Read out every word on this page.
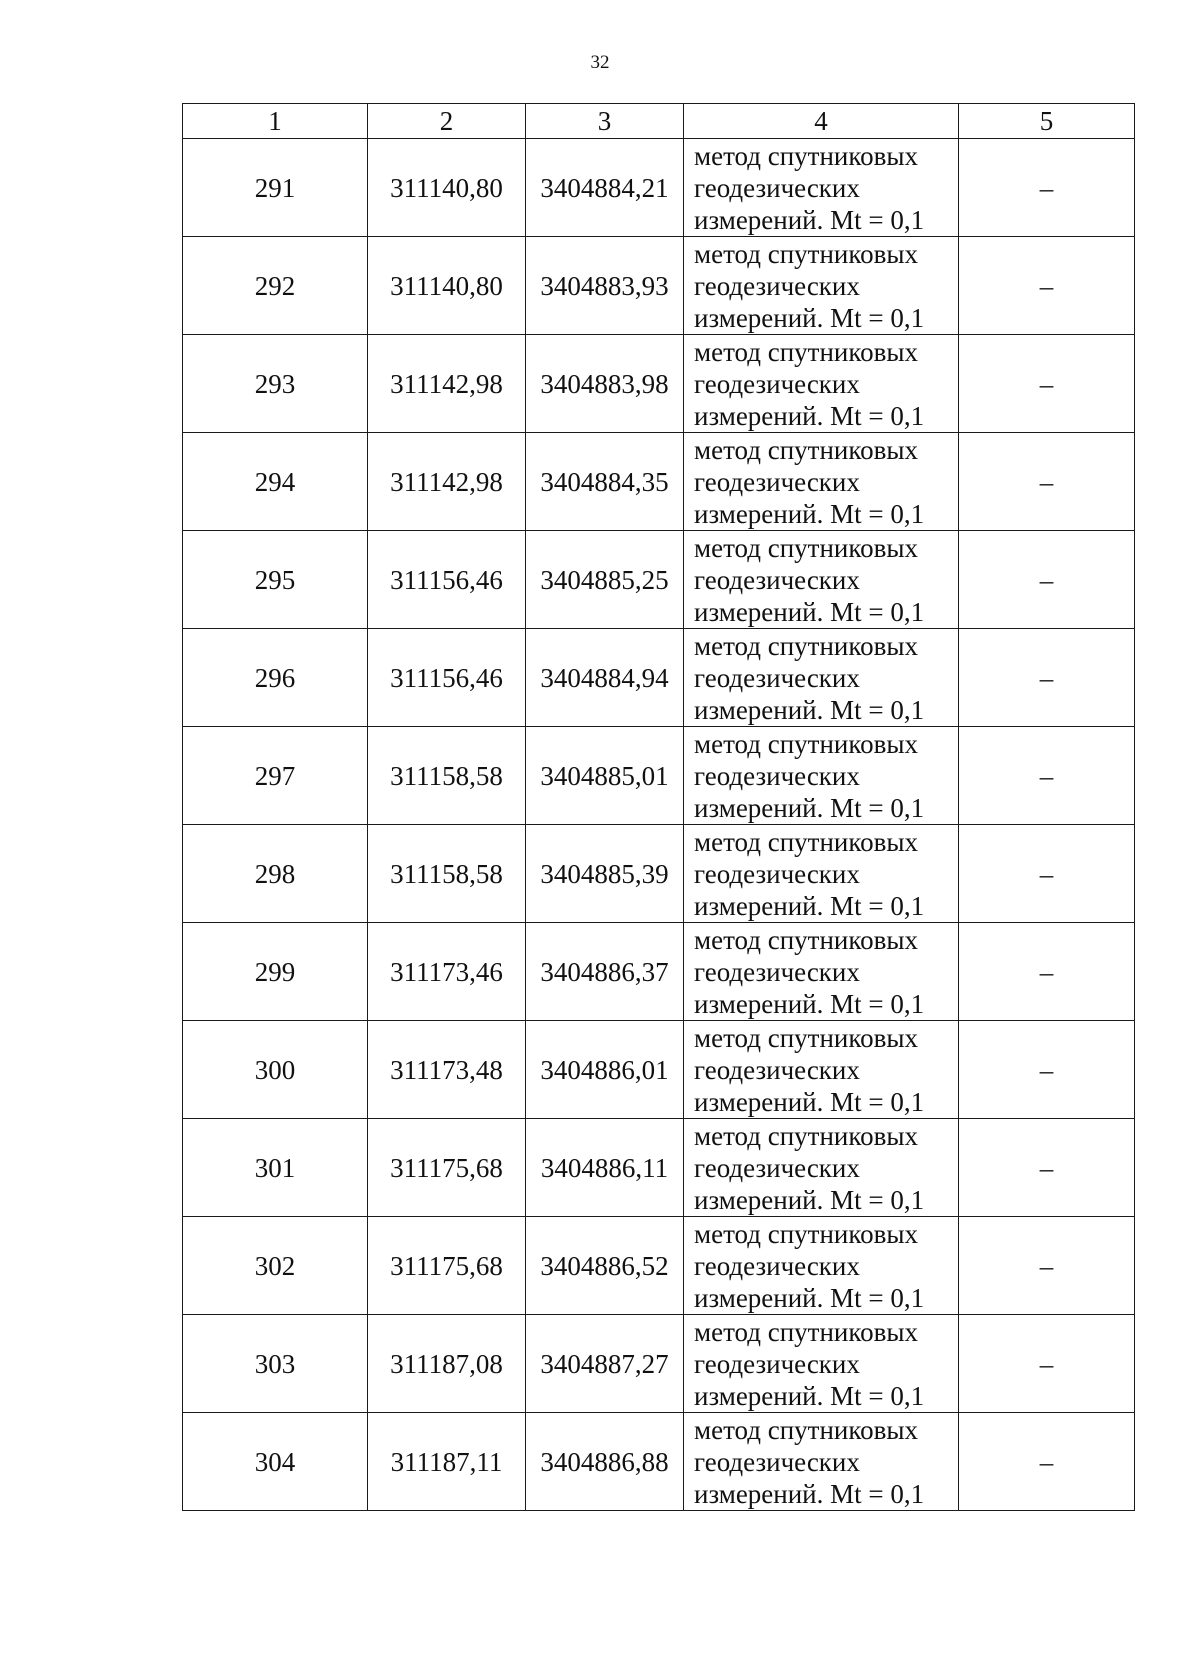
32
1	2	3	4	5
291	311140,80	3404884,21	метод спутниковых
геодезических
измерений. Mt = 0,1	–
292	311140,80	3404883,93	метод спутниковых
геодезических
измерений. Mt = 0,1	–
293	311142,98	3404883,98	метод спутниковых
геодезических
измерений. Mt = 0,1	–
294	311142,98	3404884,35	метод спутниковых
геодезических
измерений. Mt = 0,1	–
295	311156,46	3404885,25	метод спутниковых
геодезических
измерений. Mt = 0,1	–
296	311156,46	3404884,94	метод спутниковых
геодезических
измерений. Mt = 0,1	–
297	311158,58	3404885,01	метод спутниковых
геодезических
измерений. Mt = 0,1	–
298	311158,58	3404885,39	метод спутниковых
геодезических
измерений. Mt = 0,1	–
299	311173,46	3404886,37	метод спутниковых
геодезических
измерений. Mt = 0,1	–
300	311173,48	3404886,01	метод спутниковых
геодезических
измерений. Mt = 0,1	–
301	311175,68	3404886,11	метод спутниковых
геодезических
измерений. Mt = 0,1	–
302	311175,68	3404886,52	метод спутниковых
геодезических
измерений. Mt = 0,1	–
303	311187,08	3404887,27	метод спутниковых
геодезических
измерений. Mt = 0,1	–
304	311187,11	3404886,88	метод спутниковых
геодезических
измерений. Mt = 0,1	–
